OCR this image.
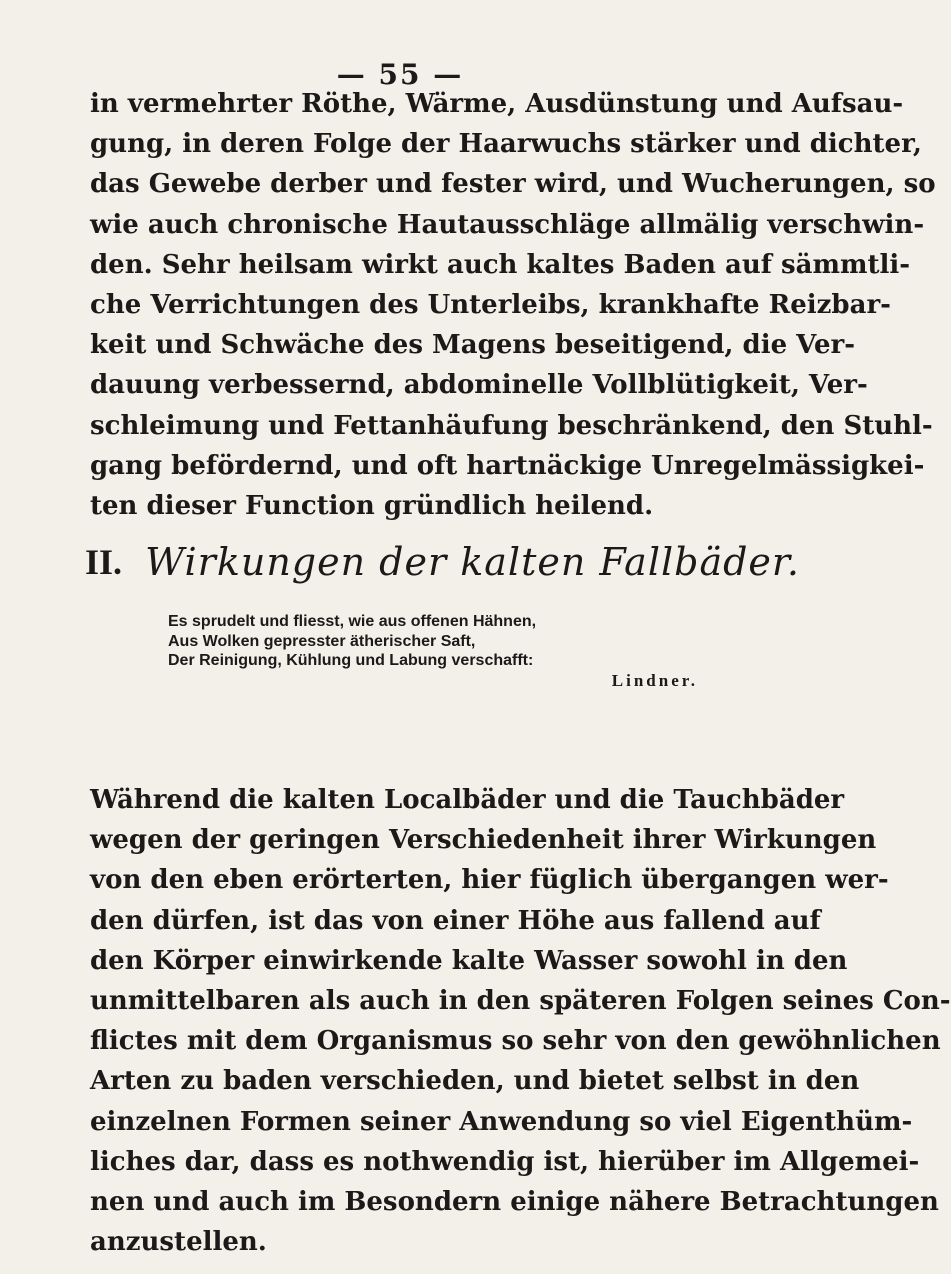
— 55 —
in vermehrter Röthe, Wärme, Ausdünstung und Aufsau-
gung, in deren Folge der Haarwuchs stärker und dichter,
das Gewebe derber und fester wird, und Wucherungen, so
wie auch chronische Hautausschläge allmälig verschwin-
den. Sehr heilsam wirkt auch kaltes Baden auf sämmtli-
che Verrichtungen des Unterleibs, krankhafte Reizbar-
keit und Schwäche des Magens beseitigend, die Ver-
dauung verbessernd, abdominelle Vollblütigkeit, Ver-
schleimung und Fettanhäufung beschränkend, den Stuhl-
gang befördernd, und oft hartnäckige Unregelmässigkei-
ten dieser Function gründlich heilend.
II. Wirkungen der kalten Fallbäder.
Es sprudelt und fliesst, wie aus offenen Hähnen,
Aus Wolken gepresster ätherischer Saft,
Der Reinigung, Kühlung und Labung verschafft:
Lindner.
Während die kalten Localbäder und die Tauchbäder
wegen der geringen Verschiedenheit ihrer Wirkungen
von den eben erörterten, hier füglich übergangen wer-
den dürfen, ist das von einer Höhe aus fallend auf
den Körper einwirkende kalte Wasser sowohl in den
unmittelbaren als auch in den späteren Folgen seines Con-
flictes mit dem Organismus so sehr von den gewöhnlichen
Arten zu baden verschieden, und bietet selbst in den
einzelnen Formen seiner Anwendung so viel Eigenthüm-
liches dar, dass es nothwendig ist, hierüber im Allgemei-
nen und auch im Besondern einige nähere Betrachtungen
anzustellen.
